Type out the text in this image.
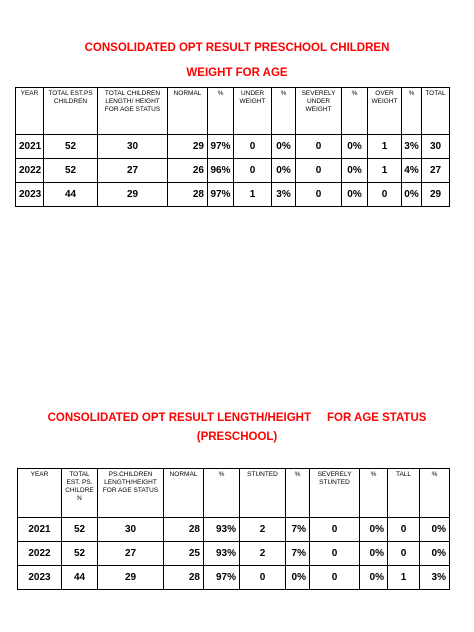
CONSOLIDATED OPT RESULT PRESCHOOL CHILDREN
WEIGHT FOR AGE
YEAR	TOTAL EST.PS CHILDREN	TOTAL CHILDREN LENGTH/ HEIGHT FOR AGE STATUS	NORMAL	%	UNDER WEIGHT	%	SEVERELY UNDER WEIGHT	%	OVER WEIGHT	%	TOTAL
2021	52	30	29	97%	0	0%	0	0%	1	3%	30
2022	52	27	26	96%	0	0%	0	0%	1	4%	27
2023	44	29	28	97%	1	3%	0	0%	0	0%	29
CONSOLIDATED OPT RESULT LENGTH/HEIGHT     FOR AGE STATUS
(PRESCHOOL)
YEAR	TOTAL EST. PS. CHILDRE N	PS.CHILDREN LENGTH/HEIGHT FOR AGE STATUS	NORMAL	%	STUNTED	%	SEVERELY STUNTED	%	TALL	%
2021	52	30	28	93%	2	7%	0	0%	0	0%
2022	52	27	25	93%	2	7%	0	0%	0	0%
2023	44	29	28	97%	0	0%	0	0%	1	3%
